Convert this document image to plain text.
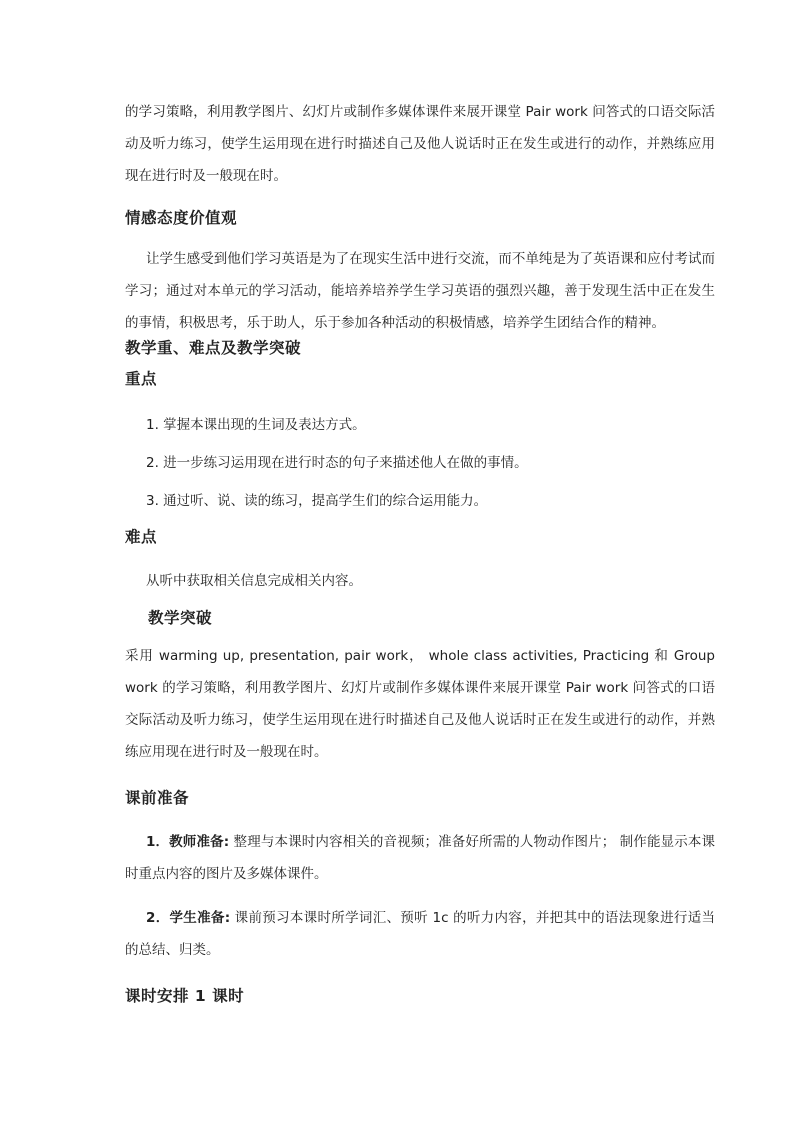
的学习策略，利用教学图片、幻灯片或制作多媒体课件来展开课堂 Pair work 问答式的口语交际活动及听力练习，使学生运用现在进行时描述自己及他人说话时正在发生或进行的动作，并熟练应用现在进行时及一般现在时。

情感态度价值观

让学生感受到他们学习英语是为了在现实生活中进行交流，而不单纯是为了英语课和应付考试而学习；通过对本单元的学习活动，能培养培养学生学习英语的强烈兴趣，善于发现生活中正在发生的事情，积极思考，乐于助人，乐于参加各种活动的积极情感，培养学生团结合作的精神。

教学重、难点及教学突破
重点

1. 掌握本课出现的生词及表达方式。

2. 进一步练习运用现在进行时态的句子来描述他人在做的事情。

3. 通过听、说、读的练习，提高学生们的综合运用能力。

难点

从听中获取相关信息完成相关内容。

教学突破

采用 warming up, presentation, pair work， whole class activities, Practicing 和 Group work 的学习策略，利用教学图片、幻灯片或制作多媒体课件来展开课堂 Pair work 问答式的口语交际活动及听力练习，使学生运用现在进行时描述自己及他人说话时正在发生或进行的动作，并熟练应用现在进行时及一般现在时。

课前准备

1．教师准备: 整理与本课时内容相关的音视频；准备好所需的人物动作图片； 制作能显示本课时重点内容的图片及多媒体课件。

2．学生准备: 课前预习本课时所学词汇、预听 1c 的听力内容，并把其中的语法现象进行适当的总结、归类。

课时安排 1 课时
